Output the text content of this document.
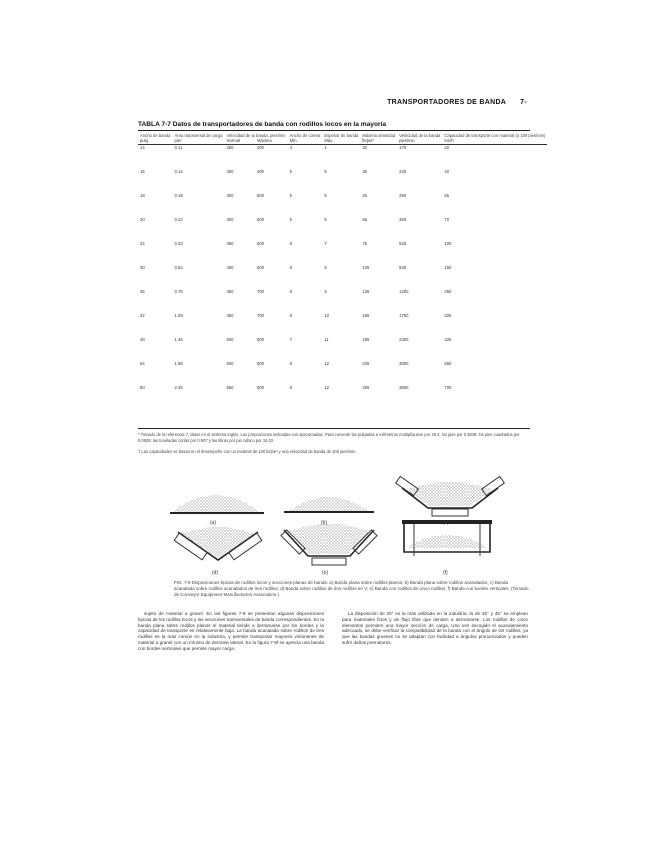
TRANSPORTADORES DE BANDA 7-
TABLA 7-7 Datos de transportadores de banda con rodillos locos en la mayoría
Ancho de banda	Área transversal de carga	Velocidad de la banda, pies/min		Ancho de correa	Espesor de banda	Máxima densidad	Velocidad de la banda	Capacidad de transporte con material (a 100 pies/min)
pulg	pie²	Normal	Máxima	Mín.	Máx.	lb/pie³	pies/min	ton/h
14	0.11	250	400	4	1	30	175	20
16	0.14	250	400	5	5	35	225	40
18	0.18	300	500	5	5	45	290	55
20	0.22	300	600	5	5	55	350	70
24	0.33	350	600	6	7	75	525	100
30	0.53	400	600	6	8	105	840	150
36	0.78	450	700	6	9	135	1250	250
42	1.09	450	700	6	10	165	1750	325
48	1.46	500	800	7	11	195	2300	425
54	1.88	500	800	8	12	225	3000	550
60	2.35	550	800	8	12	255	3800	700
* Tomado de la referencia 7, datos en el Sistema Inglés. Las proporciones indicadas son aproximadas. Para convertir las pulgadas a milímetros multiplíquese por 25.4; los pies por 0.3048; los pies cuadrados por 0.0929; las toneladas cortas por 0.907 y las libras por pie cúbico por 16.02.
† Las capacidades se basan en el desempeño con un material de 100 lb/pie³ y una velocidad de banda de 100 pies/min.
(a)	(b)	(c)
(d)	(e)	(f)
FIG. 7-9 Disposiciones típicas de rodillos locos y secciones planas de banda: a) Banda plana sobre rodillos planos; b) Banda plana sobre rodillos acanalados; c) Banda acanalada sobre rodillos acanalados de tres rodillos; d) Banda sobre rodillos de dos rodillos en V; e) Banda con rodillos de cinco rodillos; f) Banda con bordes verticales. (Tomado de Conveyor Equipment Manufacturers Association.)

sujeto de material a granel. En las figuras 7-9 se presentan algunas disposiciones típicas de los rodillos locos y las secciones transversales de banda correspondientes. En la banda plana sobre rodillos planos el material tiende a derramarse por los bordes y la capacidad de transporte es relativamente baja. La banda acanalada sobre rodillos de tres rodillos es la más común en la industria, y permite transportar mayores volúmenes de material a granel con un mínimo de derrame lateral. En la figura 7-9f se aprecia una banda con bordes verticales que permite mayor carga.

La disposición de 20° es la más utilizada en la industria; la de 35° y 45° se emplean para materiales finos y de flujo libre que tienden a derramarse. Los rodillos de cinco elementos permiten una mayor sección de carga. Una vez escogido el acanalamiento adecuado, se debe verificar la compatibilidad de la banda con el ángulo de los rodillos, ya que las bandas gruesas no se adaptan con facilidad a ángulos pronunciados y pueden sufrir daños prematuros.
